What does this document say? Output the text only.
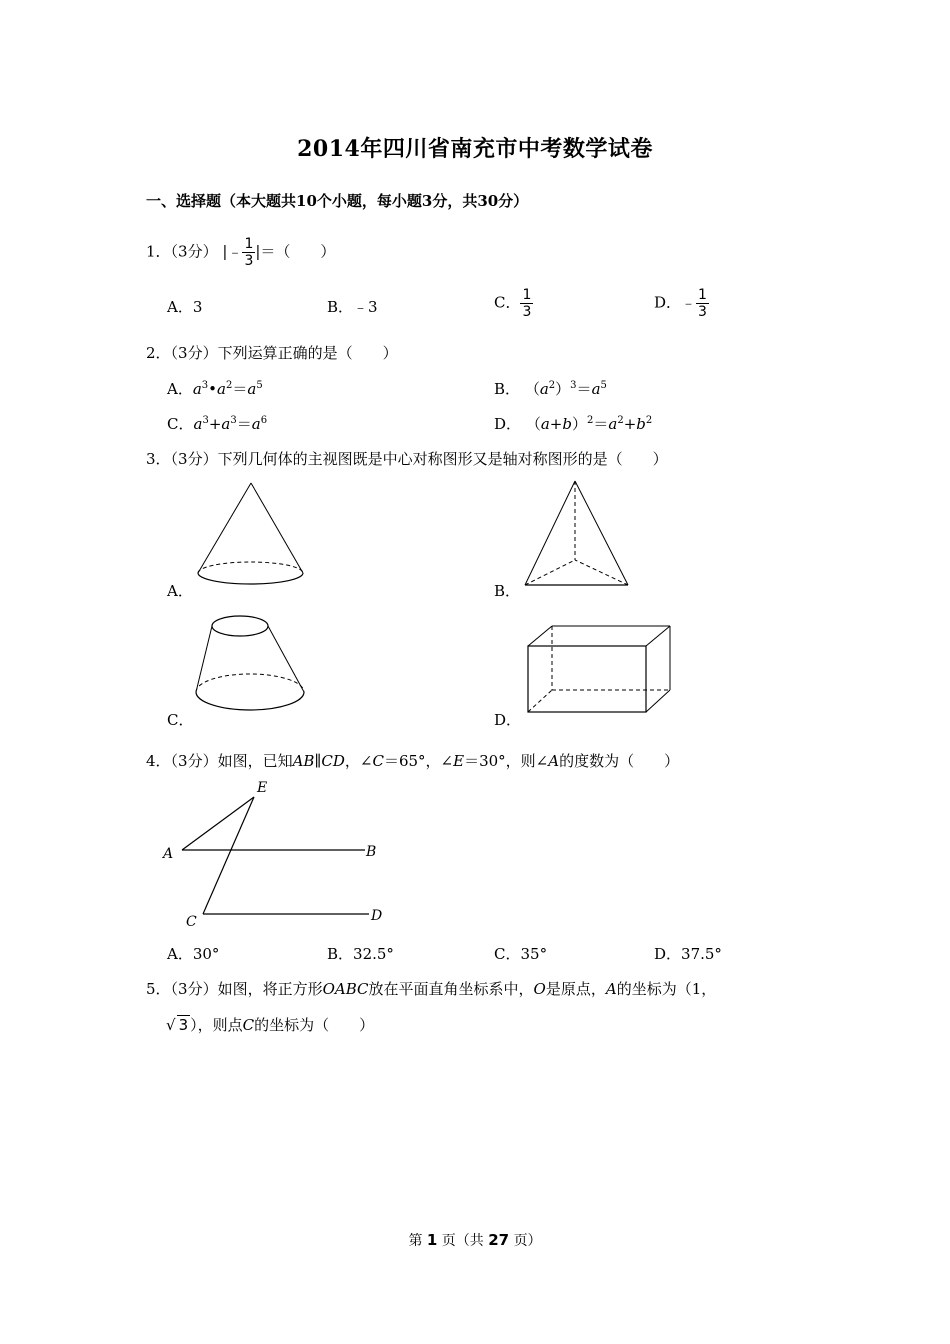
2014年四川省南充市中考数学试卷
一、选择题（本大题共10个小题，每小题3分，共30分）
1．（3分） |﹣ $\frac{1}{3}$ |＝（　　）
A．3	B．﹣3	C． $\frac{1}{3}$	D．﹣ $\frac{1}{3}$
2．（3分）下列运算正确的是（　　）
A．$a^3•a^2=a^5$	B． $(a^2)^3=a^5$
C．$a^3+a^3=a^6$	D． $(a+b)^2=a^2+b^2$
3．（3分）下列几何体的主视图既是中心对称图形又是轴对称图形的是（　　）
A．	B．
C．	D．
4．（3分）如图，已知AB∥CD，∠C＝65°，∠E＝30°，则∠A的度数为（　　）
E
A	B
C	D
A．30°	B．32.5°	C．35°	D．37.5°
5．（3分）如图，将正方形OABC放在平面直角坐标系中，O是原点，A的坐标为（1，
√ 3 ），则点C的坐标为（　　）
第 1 页（共 27 页）
